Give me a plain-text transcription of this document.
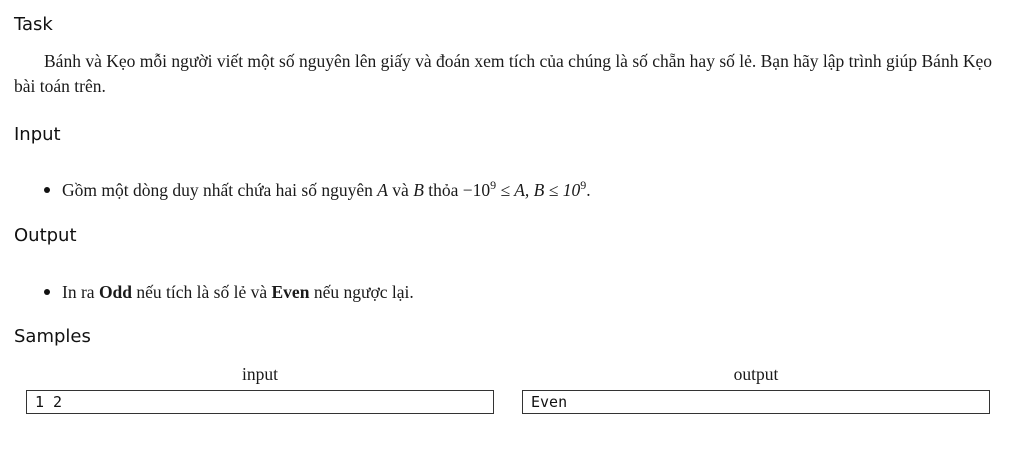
Task

Bánh và Kẹo mỗi người viết một số nguyên lên giấy và đoán xem tích của chúng là số chẵn hay số lẻ. Bạn hãy lập trình giúp Bánh Kẹo bài toán trên.

Input
Gồm một dòng duy nhất chứa hai số nguyên A và B thỏa $-10^9 \le A$, $B \le 10^9$.
Output
In ra Odd nếu tích là số lẻ và Even nếu ngược lại.
Samples
input
1 2
output
Even
